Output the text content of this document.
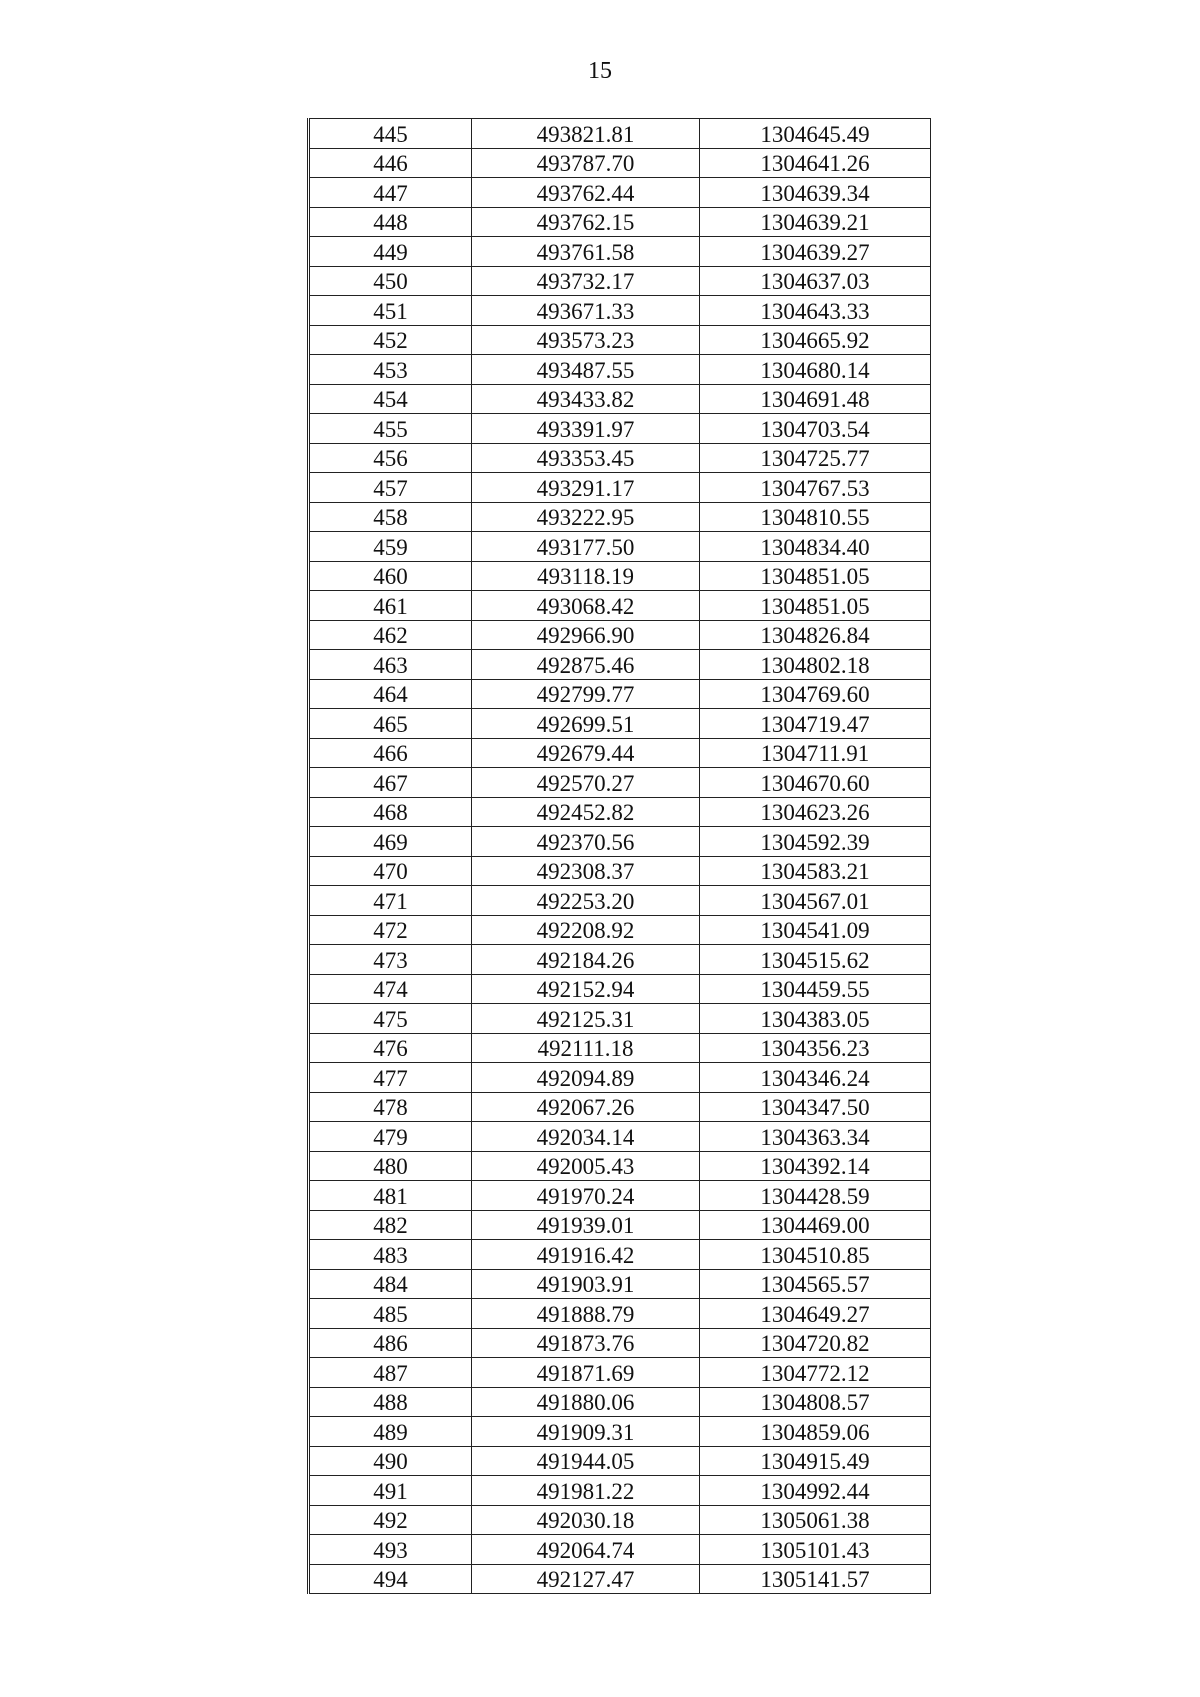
15
445	493821.81	1304645.49
446	493787.70	1304641.26
447	493762.44	1304639.34
448	493762.15	1304639.21
449	493761.58	1304639.27
450	493732.17	1304637.03
451	493671.33	1304643.33
452	493573.23	1304665.92
453	493487.55	1304680.14
454	493433.82	1304691.48
455	493391.97	1304703.54
456	493353.45	1304725.77
457	493291.17	1304767.53
458	493222.95	1304810.55
459	493177.50	1304834.40
460	493118.19	1304851.05
461	493068.42	1304851.05
462	492966.90	1304826.84
463	492875.46	1304802.18
464	492799.77	1304769.60
465	492699.51	1304719.47
466	492679.44	1304711.91
467	492570.27	1304670.60
468	492452.82	1304623.26
469	492370.56	1304592.39
470	492308.37	1304583.21
471	492253.20	1304567.01
472	492208.92	1304541.09
473	492184.26	1304515.62
474	492152.94	1304459.55
475	492125.31	1304383.05
476	492111.18	1304356.23
477	492094.89	1304346.24
478	492067.26	1304347.50
479	492034.14	1304363.34
480	492005.43	1304392.14
481	491970.24	1304428.59
482	491939.01	1304469.00
483	491916.42	1304510.85
484	491903.91	1304565.57
485	491888.79	1304649.27
486	491873.76	1304720.82
487	491871.69	1304772.12
488	491880.06	1304808.57
489	491909.31	1304859.06
490	491944.05	1304915.49
491	491981.22	1304992.44
492	492030.18	1305061.38
493	492064.74	1305101.43
494	492127.47	1305141.57
